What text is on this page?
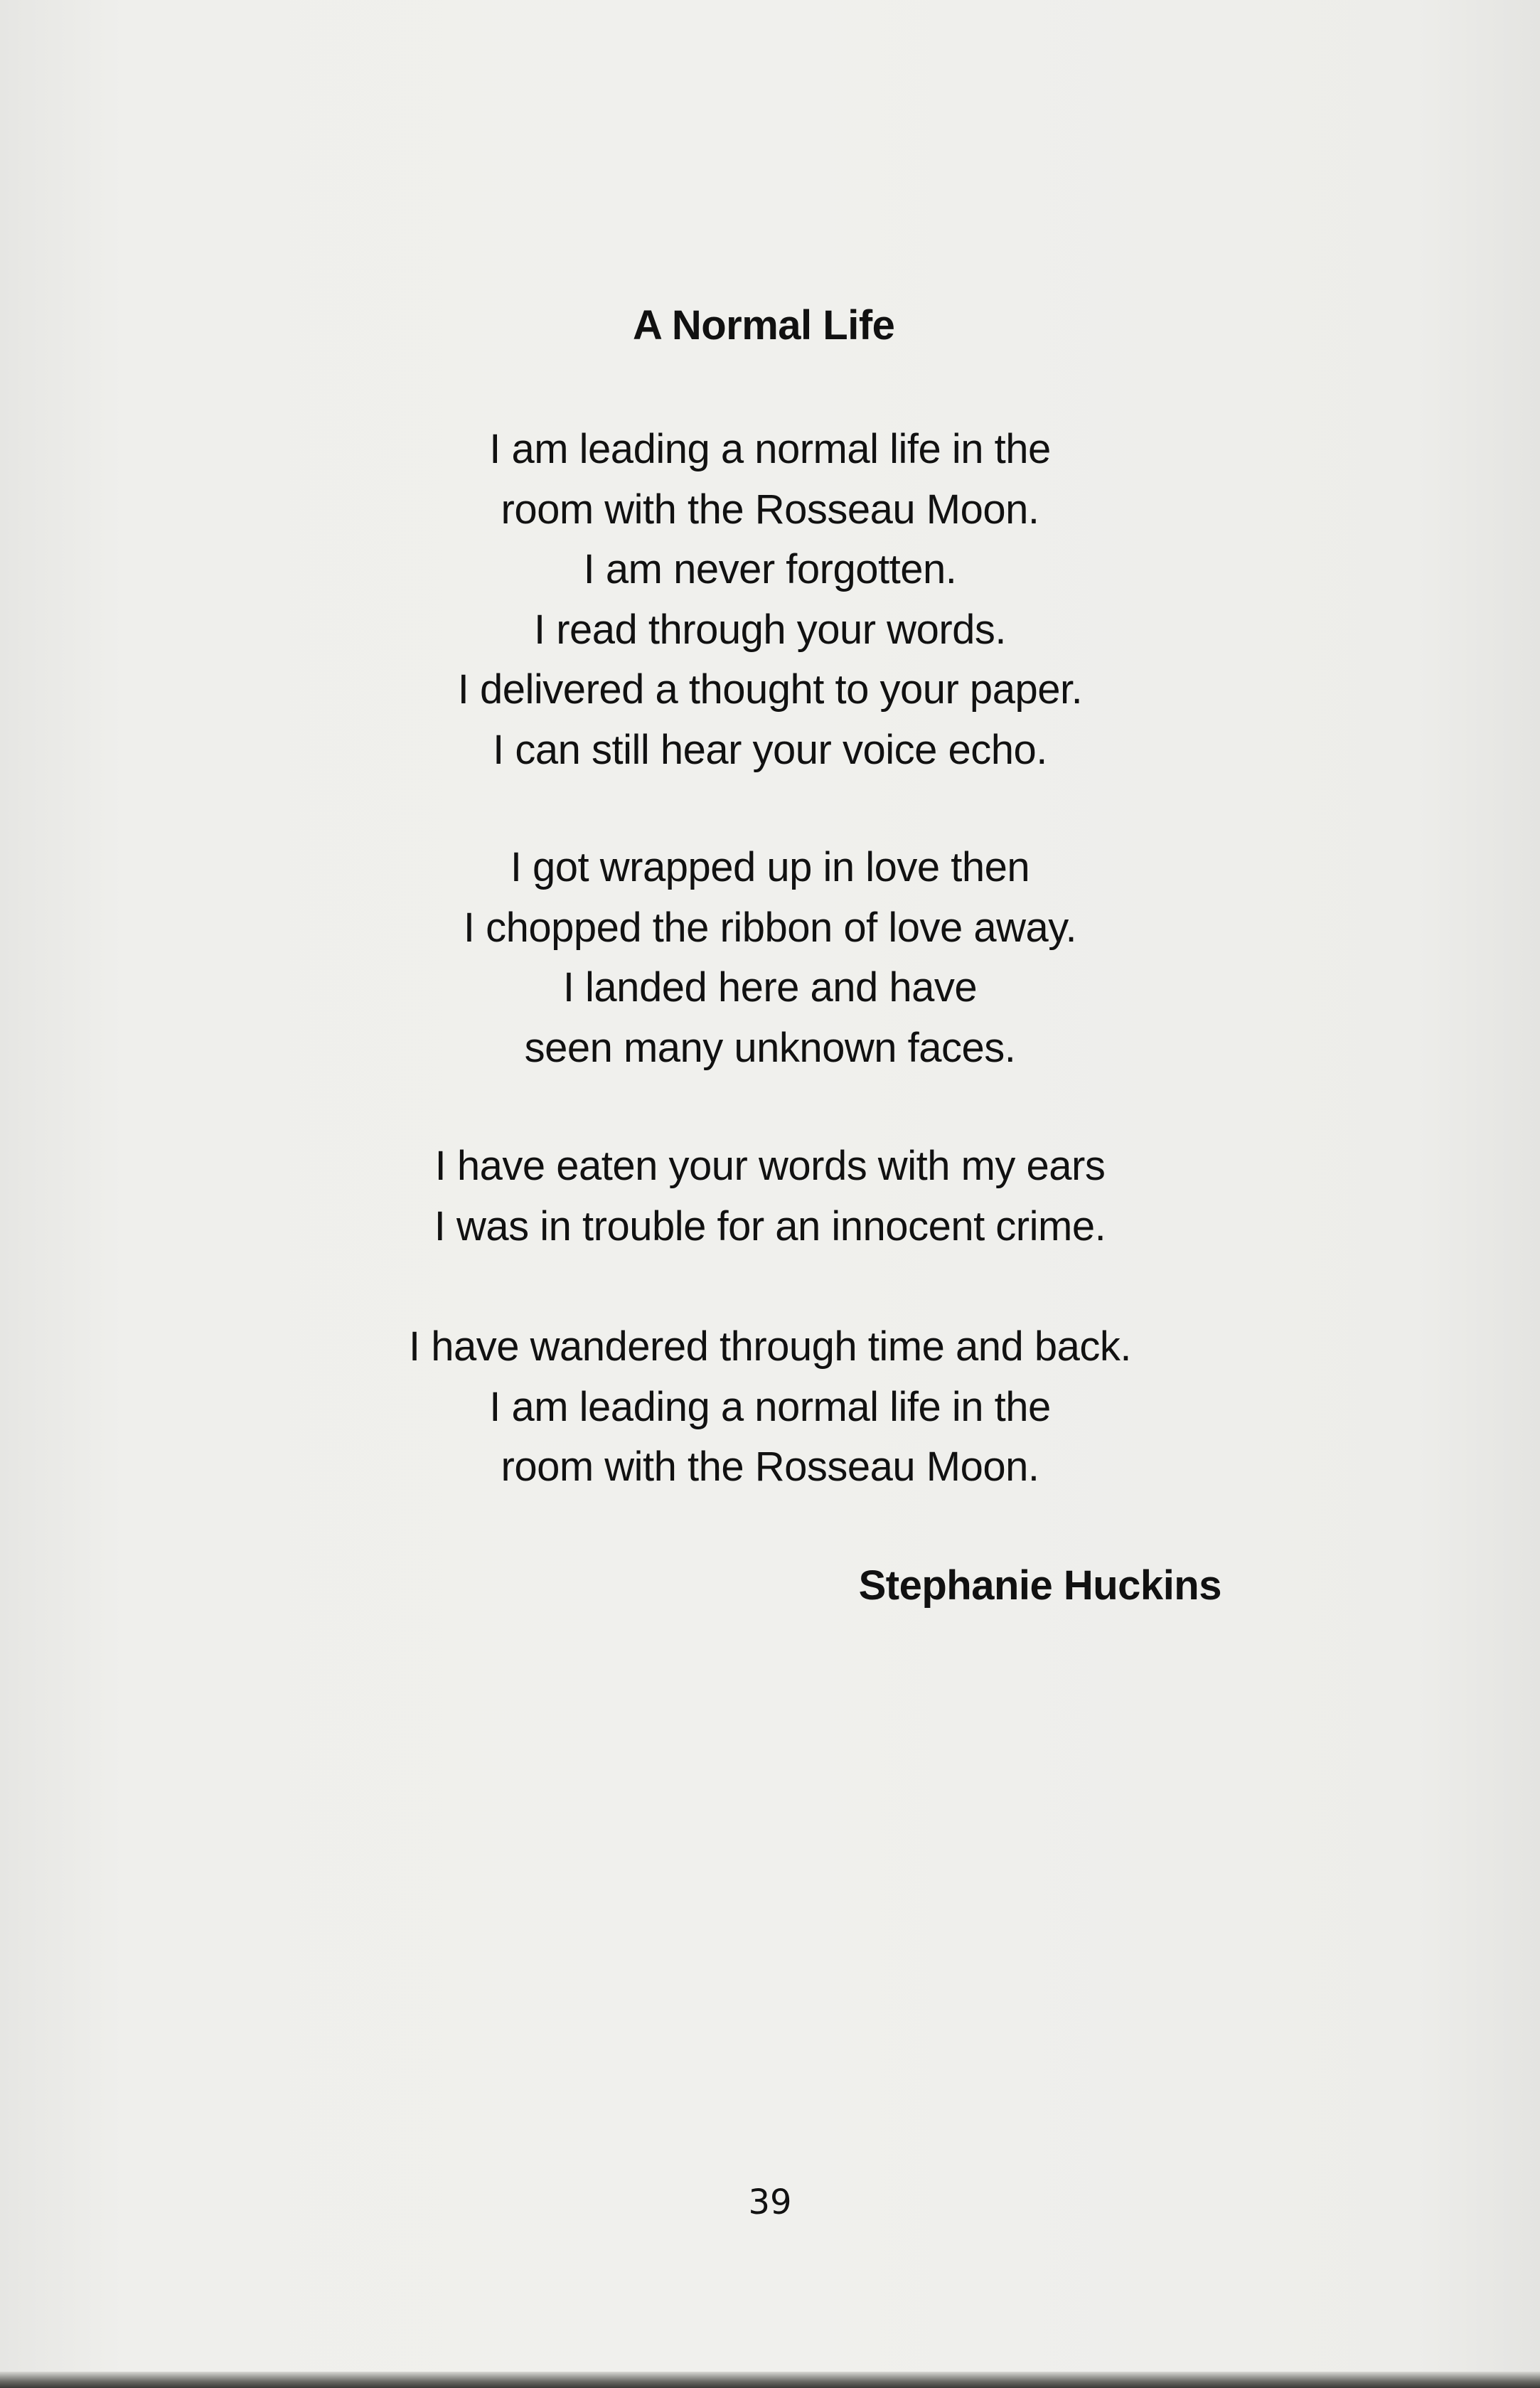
A Normal Life
I am leading a normal life in the
room with the Rosseau Moon.
I am never forgotten.
I read through your words.
I delivered a thought to your paper.
I can still hear your voice echo.
I got wrapped up in love then
I chopped the ribbon of love away.
I landed here and have
seen many unknown faces.
I have eaten your words with my ears
I was in trouble for an innocent crime.
I have wandered through time and back.
I am leading a normal life in the
room with the Rosseau Moon.
Stephanie Huckins
39
